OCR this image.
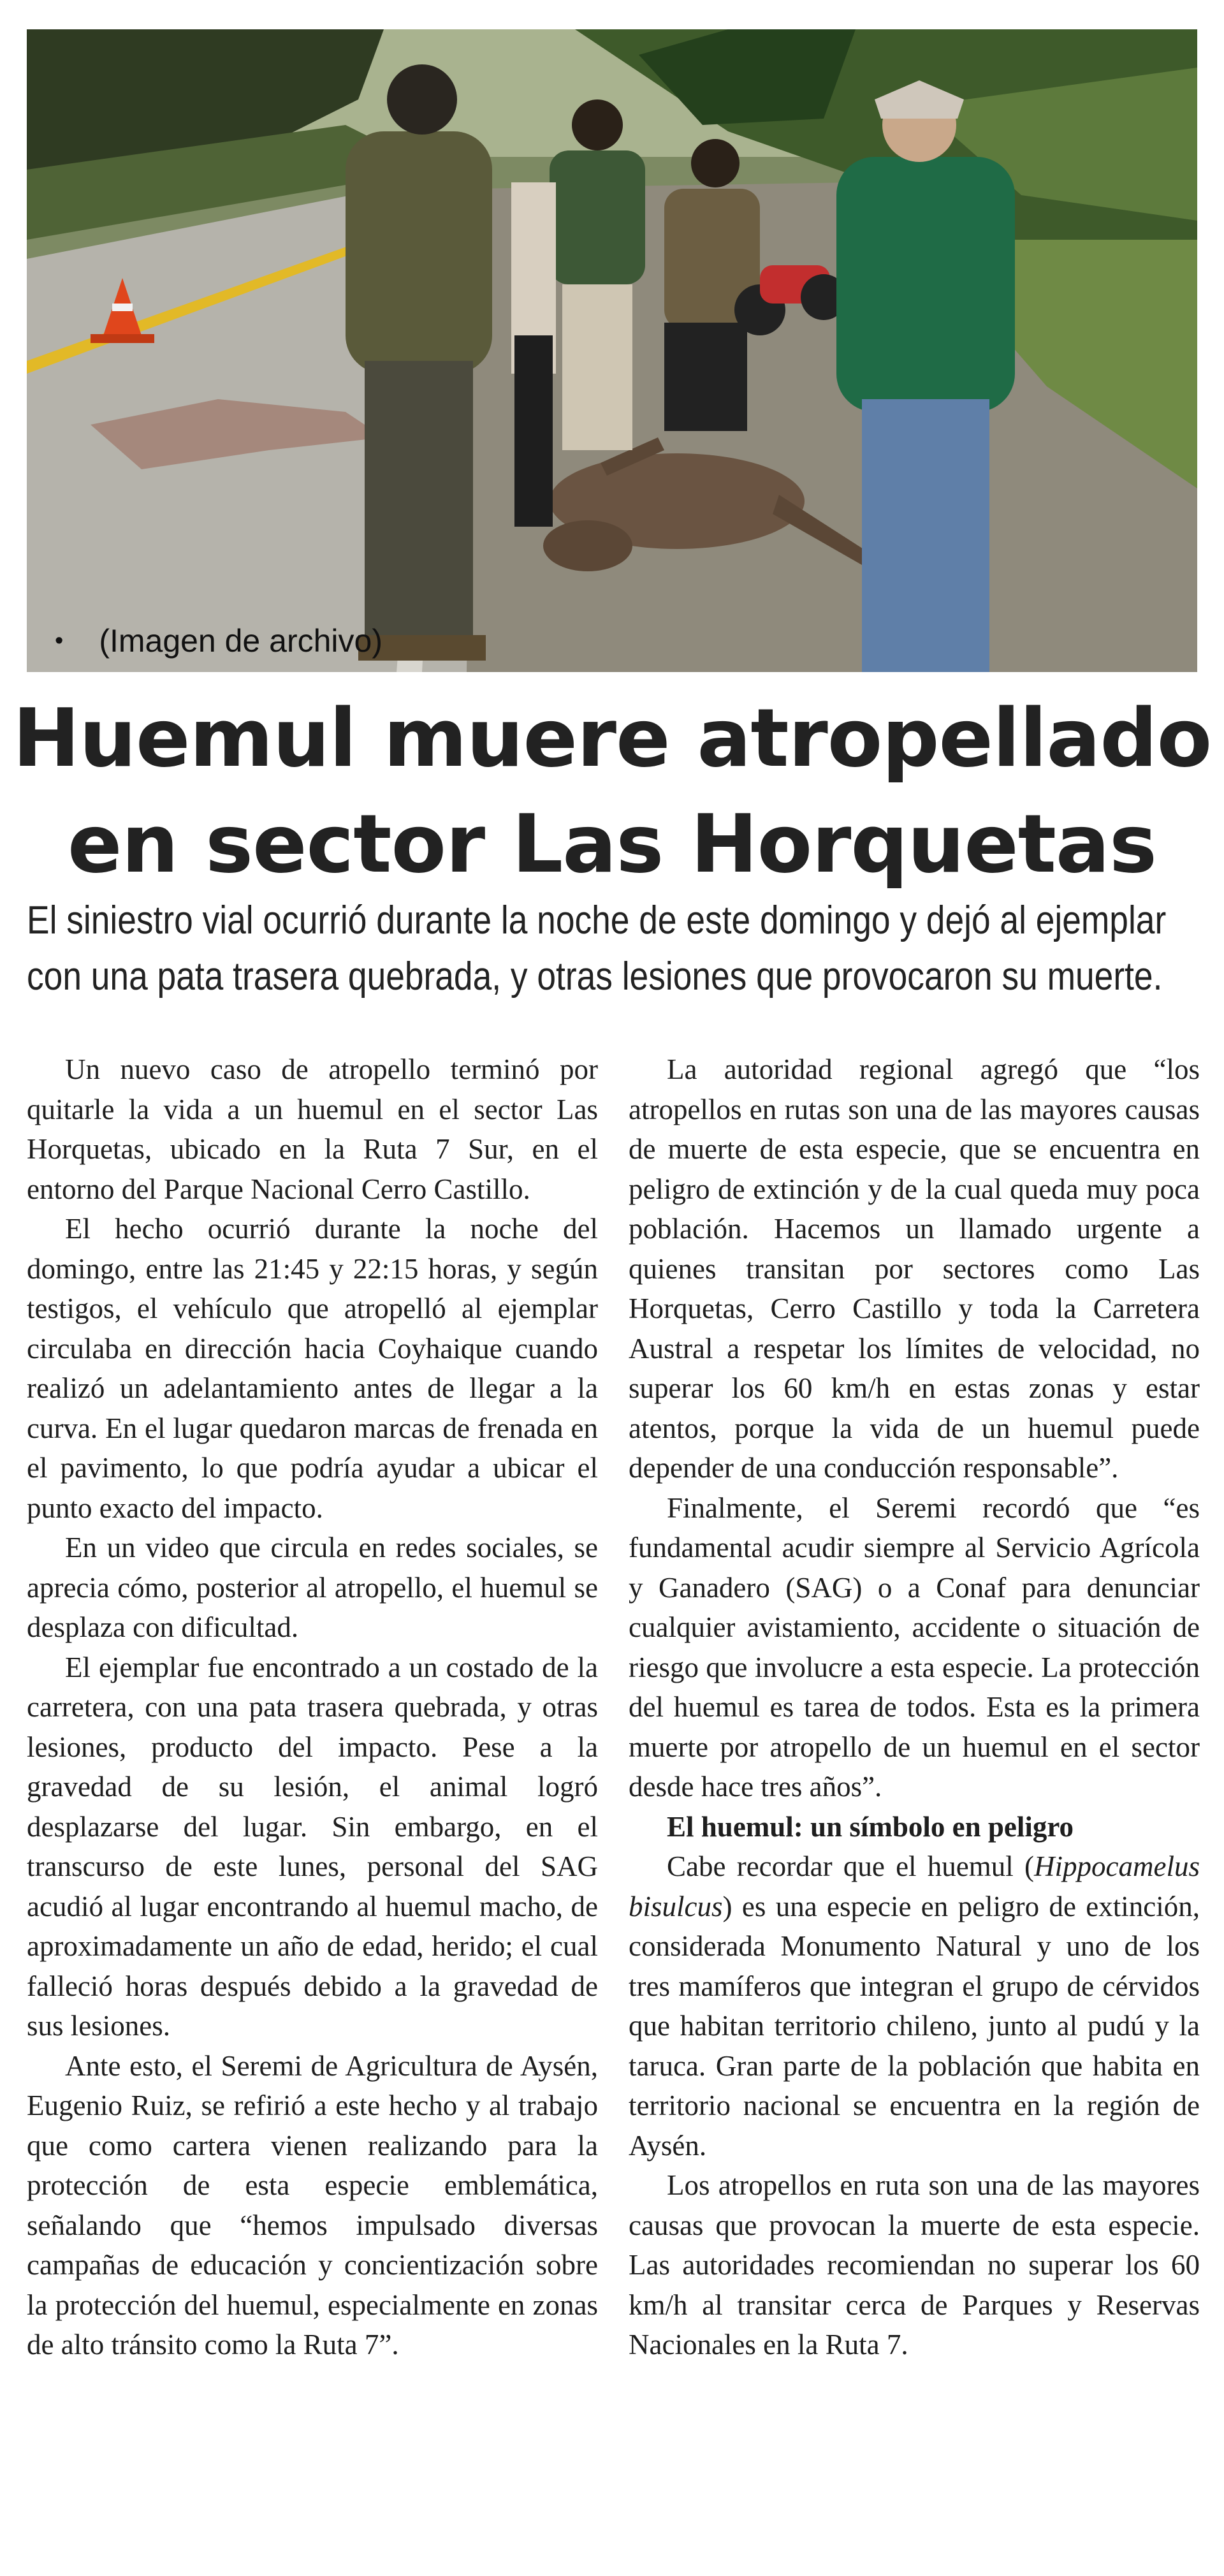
• (Imagen de archivo)
Huemul muere atropellado
en sector Las Horquetas
El siniestro vial ocurrió durante la noche de este domingo y dejó al ejemplar
con una pata trasera quebrada, y otras lesiones que provocaron su muerte.

Un nuevo caso de atropello terminó por quitarle la vida a un huemul en el sector Las Horquetas, ubicado en la Ruta 7 Sur, en el entorno del Parque Nacional Cerro Castillo.

El hecho ocurrió durante la noche del domingo, entre las 21:45 y 22:15 horas, y según testigos, el vehículo que atropelló al ejemplar circulaba en dirección hacia Coyhaique cuando realizó un adelantamiento antes de llegar a la curva. En el lugar quedaron marcas de frenada en el pavimento, lo que podría ayudar a ubicar el punto exacto del impacto.

En un video que circula en redes sociales, se aprecia cómo, posterior al atropello, el huemul se desplaza con dificultad.

El ejemplar fue encontrado a un costado de la carretera, con una pata trasera quebrada, y otras lesiones, producto del impacto. Pese a la gravedad de su lesión, el animal logró desplazarse del lugar. Sin embargo, en el transcurso de este lunes, personal del SAG acudió al lugar encontrando al huemul macho, de aproximadamente un año de edad, herido; el cual falleció horas después debido a la gravedad de sus lesiones.

Ante esto, el Seremi de Agricultura de Aysén, Eugenio Ruiz, se refirió a este hecho y al trabajo que como cartera vienen realizando para la protección de esta especie emblemática, señalando que “hemos impulsado diversas campañas de educación y concientización sobre la protección del huemul, especialmente en zonas de alto tránsito como la Ruta 7”.

La autoridad regional agregó que “los atropellos en rutas son una de las mayores causas de muerte de esta especie, que se encuentra en peligro de extinción y de la cual queda muy poca población. Hacemos un llamado urgente a quienes transitan por sectores como Las Horquetas, Cerro Castillo y toda la Carretera Austral a respetar los límites de velocidad, no superar los 60 km/h en estas zonas y estar atentos, porque la vida de un huemul puede depender de una conducción responsable”.

Finalmente, el Seremi recordó que “es fundamental acudir siempre al Servicio Agrícola y Ganadero (SAG) o a Conaf para denunciar cualquier avistamiento, accidente o situación de riesgo que involucre a esta especie. La protección del huemul es tarea de todos. Esta es la primera muerte por atropello de un huemul en el sector desde hace tres años”.

El huemul: un símbolo en peligro

Cabe recordar que el huemul (Hippocamelus bisulcus) es una especie en peligro de extinción, considerada Monumento Natural y uno de los tres mamíferos que integran el grupo de cérvidos que habitan territorio chileno, junto al pudú y la taruca. Gran parte de la población que habita en territorio nacional se encuentra en la región de Aysén.

Los atropellos en ruta son una de las mayores causas que provocan la muerte de esta especie. Las autoridades recomiendan no superar los 60 km/h al transitar cerca de Parques y Reservas Nacionales en la Ruta 7.
